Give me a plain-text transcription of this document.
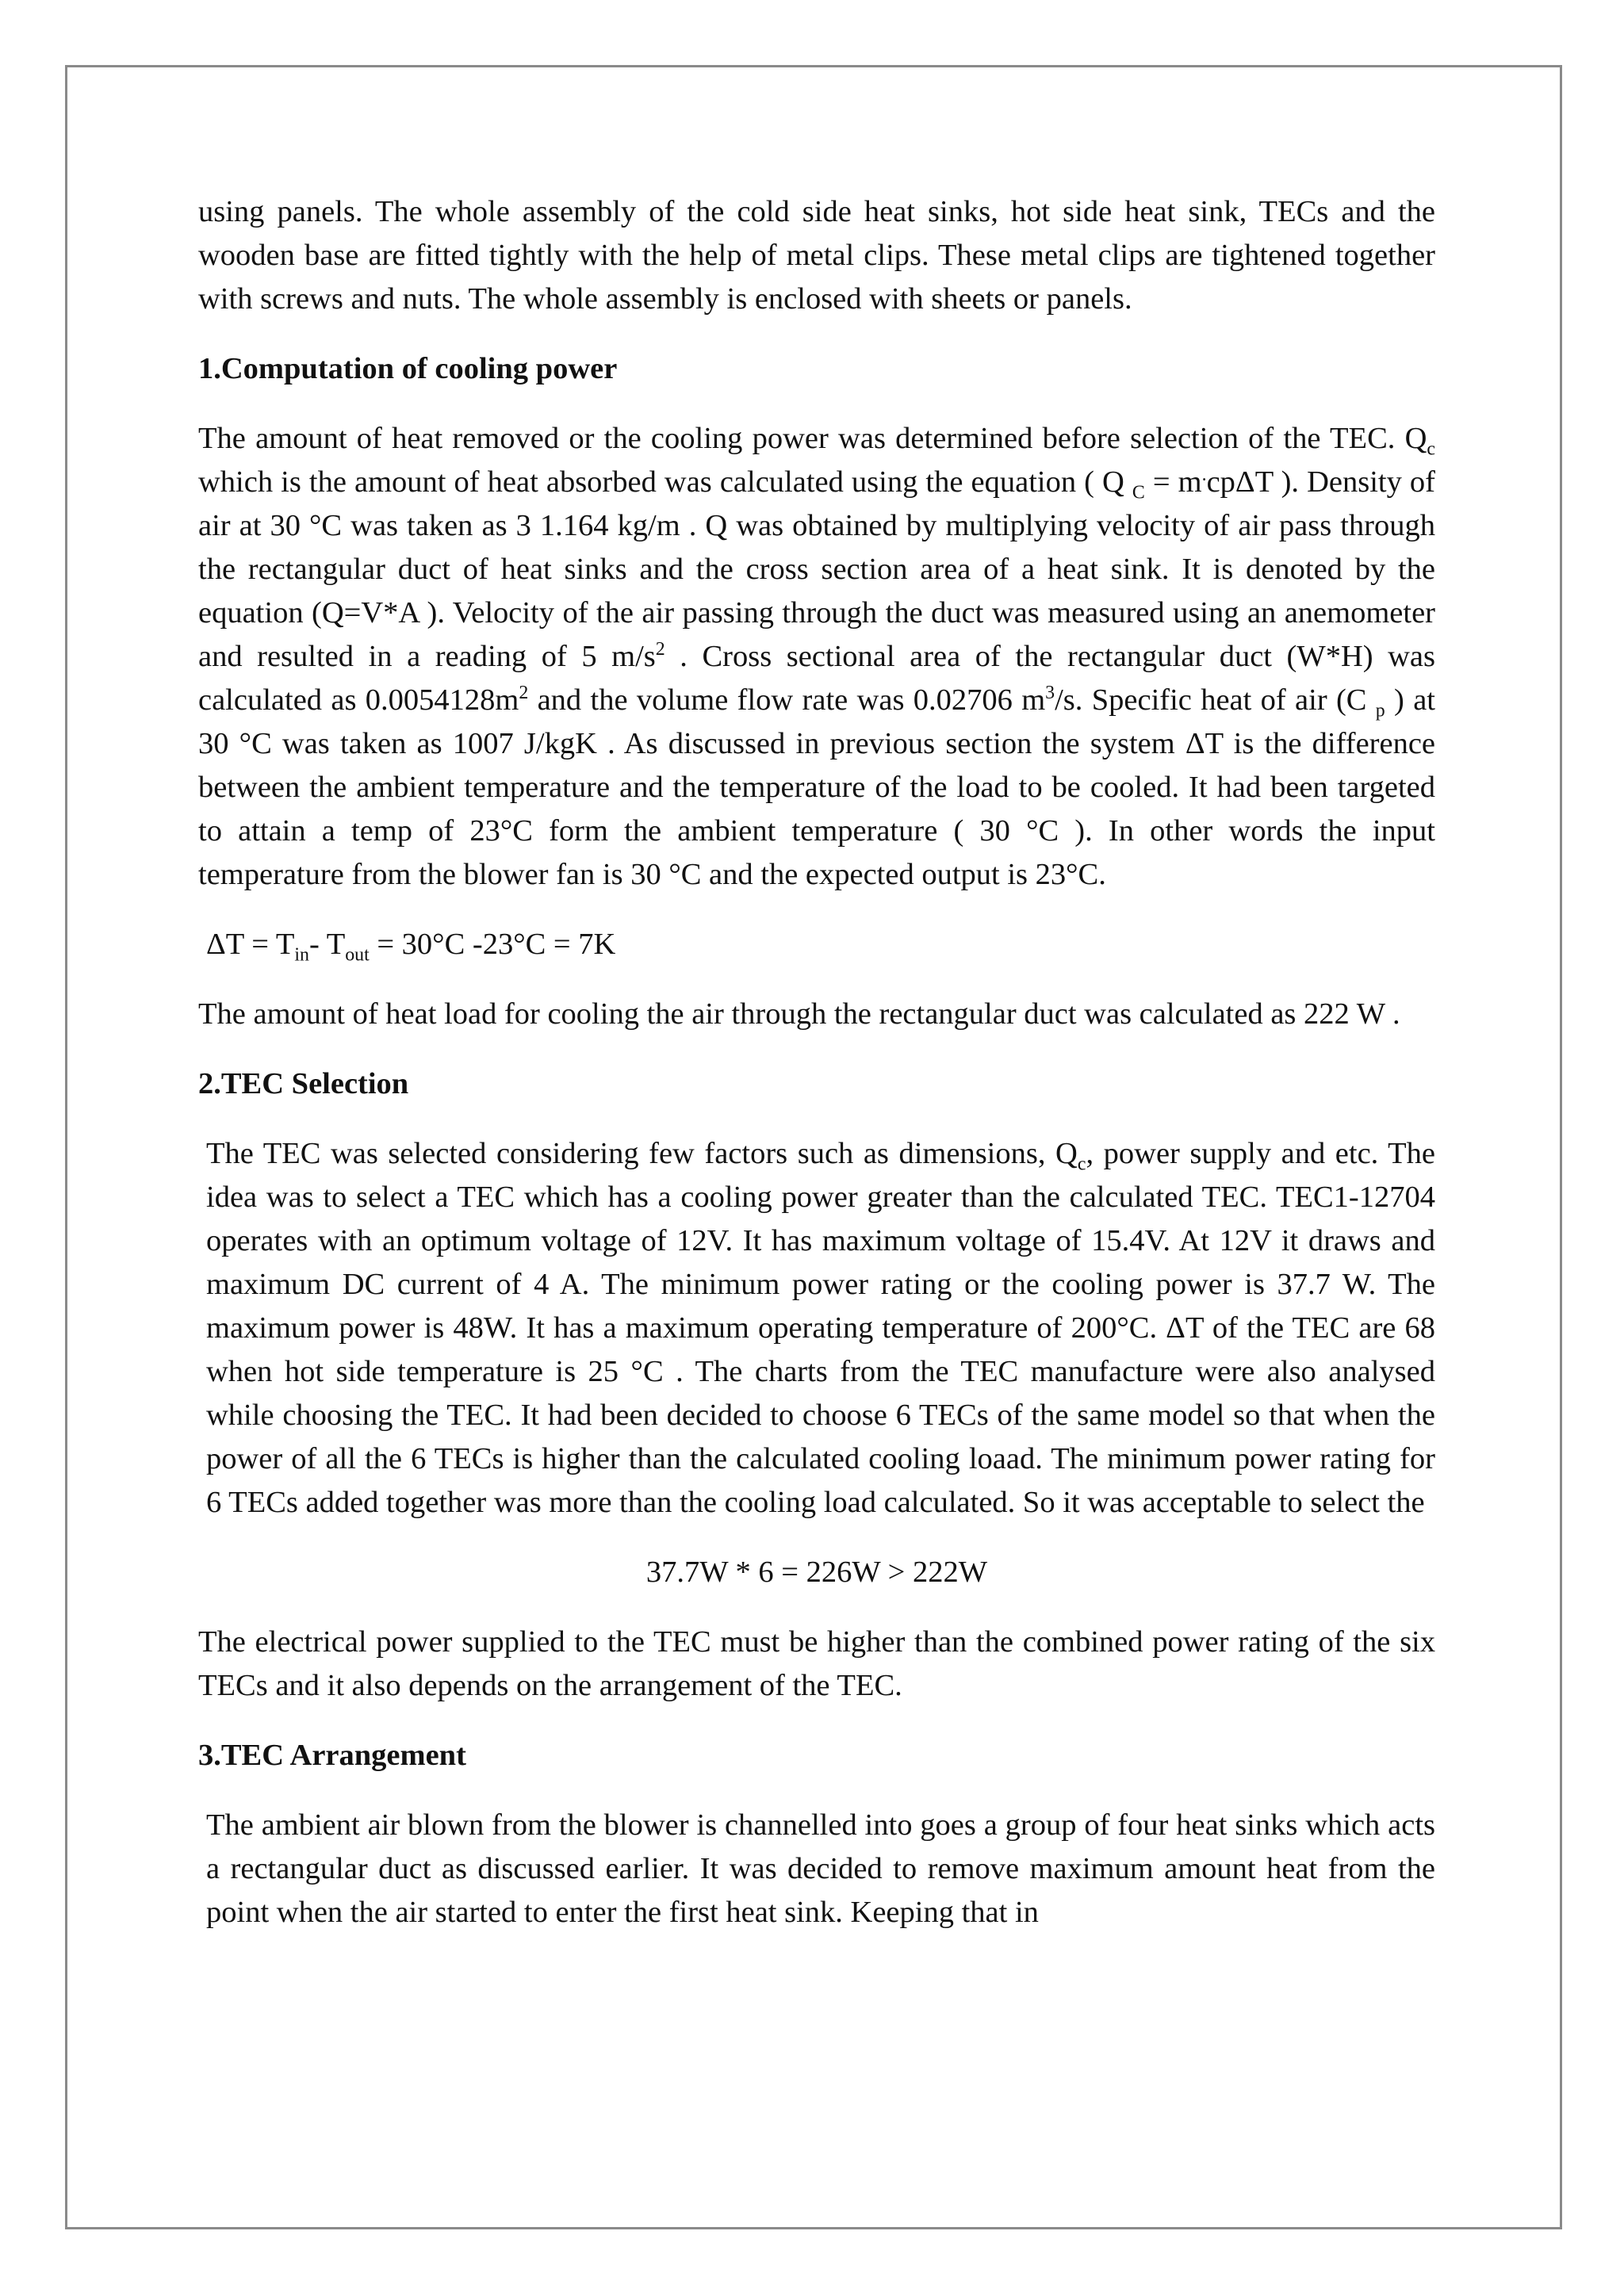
using panels. The whole assembly of the cold side heat sinks, hot side heat sink, TECs and the wooden base are fitted tightly with the help of metal clips. These metal clips are tightened together with screws and nuts. The whole assembly is enclosed with sheets or panels.

1.Computation of cooling power

The amount of heat removed or the cooling power was determined before selection of the TEC. $Q_c$ which is the amount of heat absorbed was calculated using the equation ( Q $_C$ = m.cpΔT ). Density of air at 30 °C was taken as 3 1.164 kg/m . Q was obtained by multiplying velocity of air pass through the rectangular duct of heat sinks and the cross section area of a heat sink. It is denoted by the equation (Q=V*A ). Velocity of the air passing through the duct was measured using an anemometer and resulted in a reading of 5 $m/s^2$ . Cross sectional area of the rectangular duct (W*H) was calculated as $0.0054128m^2$ and the volume flow rate was 0.02706 $m^3/s$. Specific heat of air (C $_p$ ) at 30 °C was taken as 1007 J/kgK . As discussed in previous section the system ΔT is the difference between the ambient temperature and the temperature of the load to be cooled. It had been targeted to attain a temp of 23°C form the ambient temperature ( 30 °C ). In other words the input temperature from the blower fan is 30 °C and the expected output is 23°C.

$\Delta T = T_{in}-$ $T_{out} = 30^\circ C$ -23°C = 7K

The amount of heat load for cooling the air through the rectangular duct was calculated as 222 W .

2.TEC Selection

The TEC was selected considering few factors such as dimensions, $Q_c$, power supply and etc. The idea was to select a TEC which has a cooling power greater than the calculated TEC. TEC1-12704 operates with an optimum voltage of 12V. It has maximum voltage of 15.4V. At 12V it draws and maximum DC current of 4 A. The minimum power rating or the cooling power is 37.7 W. The maximum power is 48W. It has a maximum operating temperature of 200°C. ΔT of the TEC are 68 when hot side temperature is 25 °C . The charts from the TEC manufacture were also analysed while choosing the TEC. It had been decided to choose 6 TECs of the same model so that when the power of all the 6 TECs is higher than the calculated cooling loaad. The minimum power rating for 6 TECs added together was more than the cooling load calculated. So it was acceptable to select the

37.7W * 6 = 226W > 222W

The electrical power supplied to the TEC must be higher than the combined power rating of the six TECs and it also depends on the arrangement of the TEC.

3.TEC Arrangement

The ambient air blown from the blower is channelled into goes a group of four heat sinks which acts a rectangular duct as discussed earlier. It was decided to remove maximum amount heat from the point when the air started to enter the first heat sink. Keeping that in
